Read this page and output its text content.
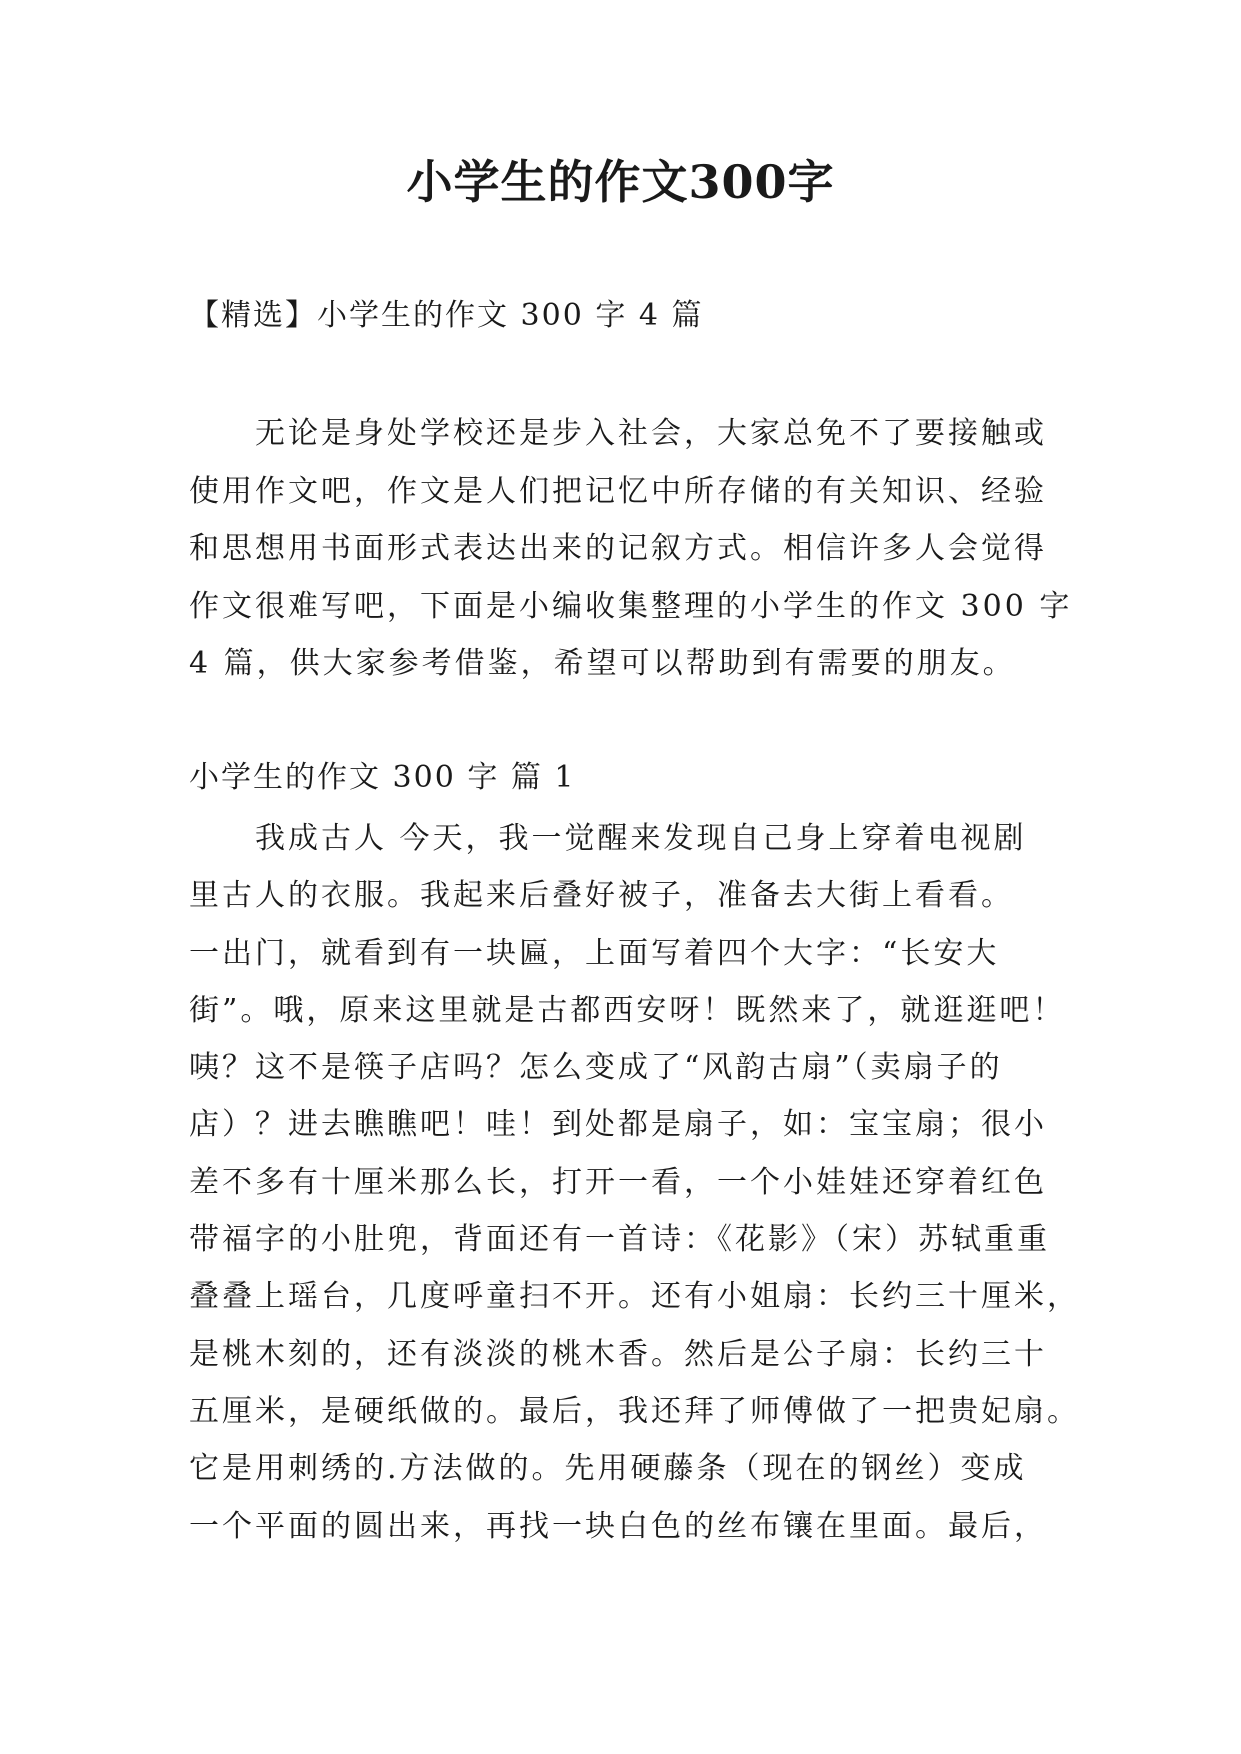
小学生的作文300字

【精选】小学生的作文 300 字 4 篇

　　无论是身处学校还是步入社会，大家总免不了要接触或
使用作文吧，作文是人们把记忆中所存储的有关知识、经验
和思想用书面形式表达出来的记叙方式。相信许多人会觉得
作文很难写吧，下面是小编收集整理的小学生的作文 300 字
4 篇，供大家参考借鉴，希望可以帮助到有需要的朋友。

小学生的作文 300 字 篇 1

　　我成古人 今天，我一觉醒来发现自己身上穿着电视剧
里古人的衣服。我起来后叠好被子，准备去大街上看看。
一出门，就看到有一块匾，上面写着四个大字：“长安大
街”。哦，原来这里就是古都西安呀！既然来了，就逛逛吧！
咦？这不是筷子店吗？怎么变成了“风韵古扇”（卖扇子的
店）？进去瞧瞧吧！哇！到处都是扇子，如：宝宝扇；很小
差不多有十厘米那么长，打开一看，一个小娃娃还穿着红色
带福字的小肚兜，背面还有一首诗：《花影》（宋）苏轼重重
叠叠上瑶台，几度呼童扫不开。还有小姐扇：长约三十厘米，
是桃木刻的，还有淡淡的桃木香。然后是公子扇：长约三十
五厘米，是硬纸做的。最后，我还拜了师傅做了一把贵妃扇。
它是用刺绣的.方法做的。先用硬藤条（现在的钢丝）变成
一个平面的圆出来，再找一块白色的丝布镶在里面。最后，
